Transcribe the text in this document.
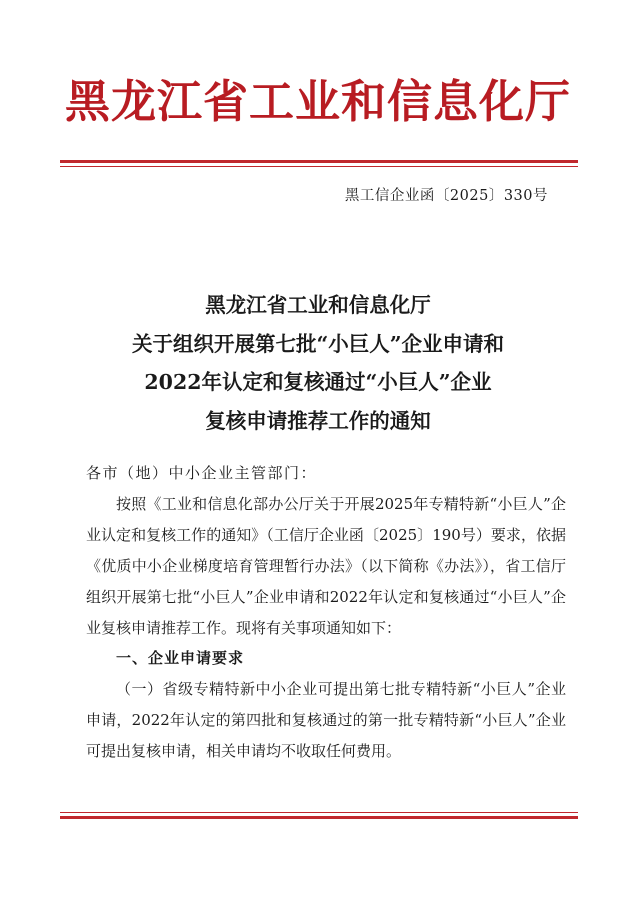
黑龙江省工业和信息化厅
黑工信企业函〔2025〕330号
黑龙江省工业和信息化厅
关于组织开展第七批“小巨人”企业申请和
2022年认定和复核通过“小巨人”企业
复核申请推荐工作的通知

各市（地）中小企业主管部门：

按照《工业和信息化部办公厅关于开展2025年专精特新“小巨人”企业认定和复核工作的通知》（工信厅企业函〔2025〕190号）要求，依据《优质中小企业梯度培育管理暂行办法》（以下简称《办法》），省工信厅组织开展第七批“小巨人”企业申请和2022年认定和复核通过“小巨人”企业复核申请推荐工作。现将有关事项通知如下：

一、企业申请要求

（一）省级专精特新中小企业可提出第七批专精特新“小巨人”企业申请，2022年认定的第四批和复核通过的第一批专精特新“小巨人”企业可提出复核申请，相关申请均不收取任何费用。
